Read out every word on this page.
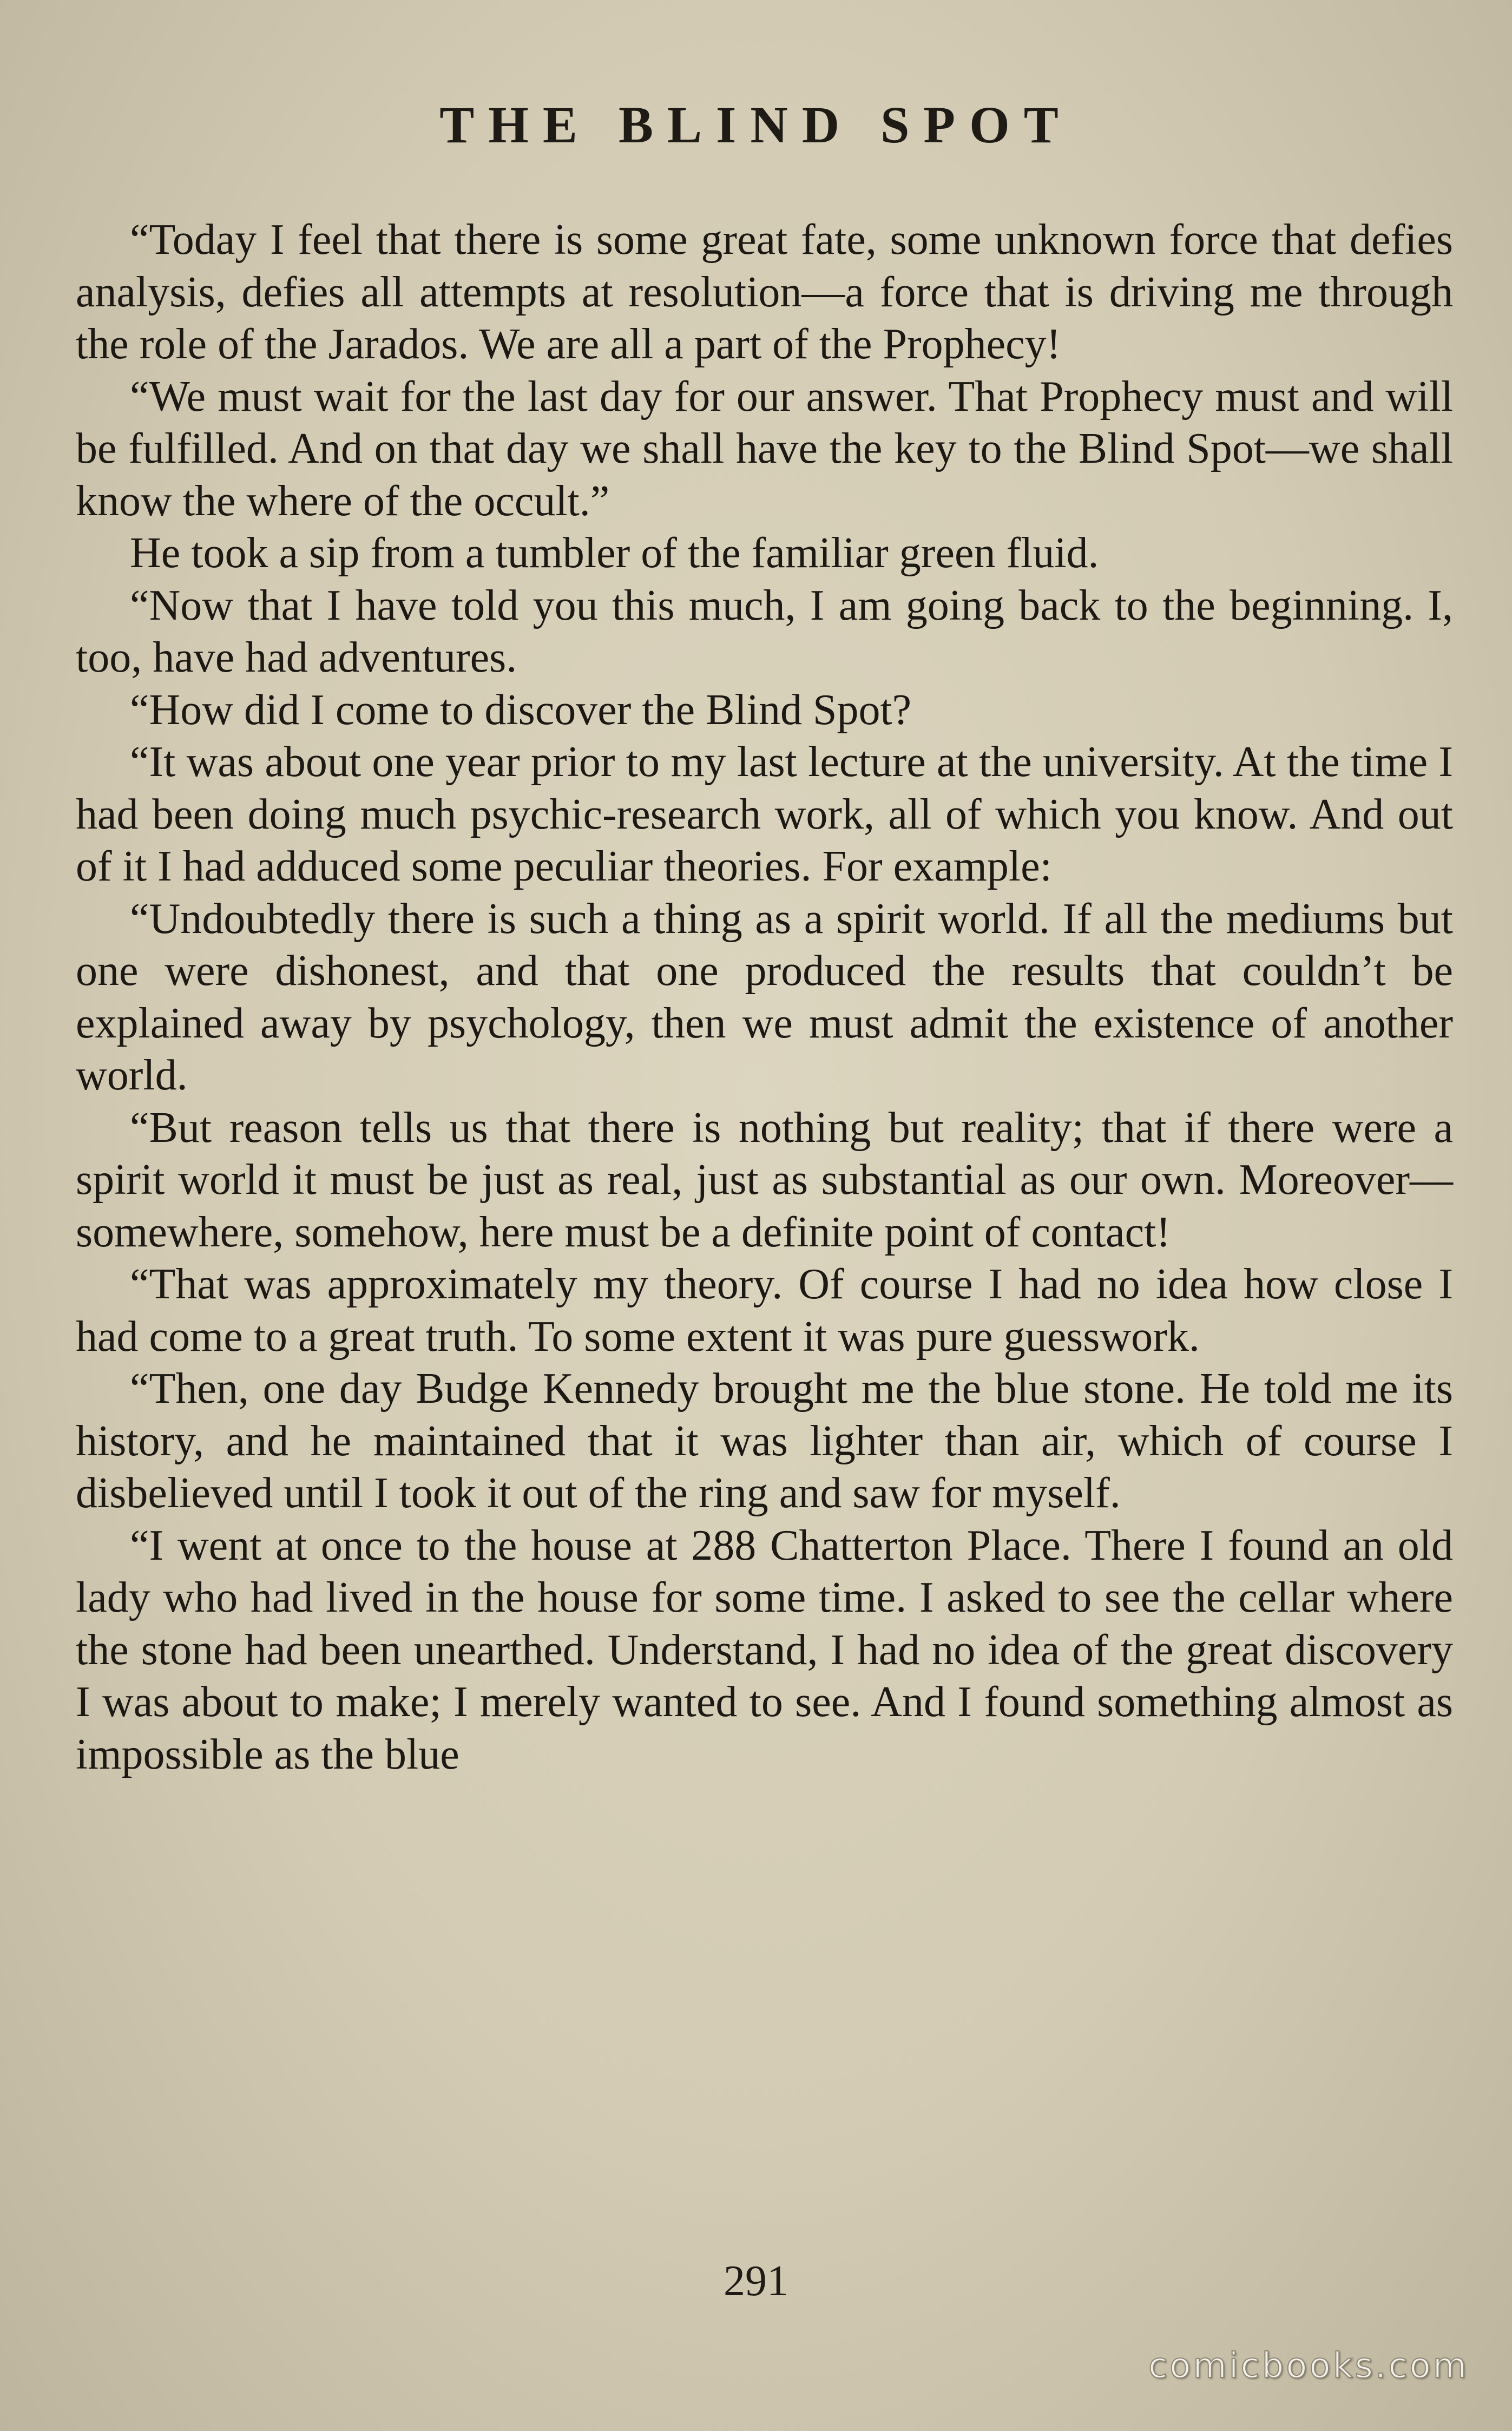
THE BLIND SPOT

“Today I feel that there is some great fate, some unknown force that defies analysis, defies all attempts at resolution—a force that is driving me through the role of the Jarados. We are all a part of the Prophecy!

“We must wait for the last day for our answer. That Prophecy must and will be fulfilled. And on that day we shall have the key to the Blind Spot—we shall know the where of the occult.”

He took a sip from a tumbler of the familiar green fluid.

“Now that I have told you this much, I am going back to the beginning. I, too, have had adventures.

“How did I come to discover the Blind Spot?

“It was about one year prior to my last lecture at the university. At the time I had been doing much psychic-research work, all of which you know. And out of it I had adduced some peculiar theories. For example:

“Undoubtedly there is such a thing as a spirit world. If all the mediums but one were dishonest, and that one produced the results that couldn’t be explained away by psychology, then we must admit the existence of another world.

“But reason tells us that there is nothing but reality; that if there were a spirit world it must be just as real, just as substantial as our own. Moreover—somewhere, somehow, here must be a definite point of contact!

“That was approximately my theory. Of course I had no idea how close I had come to a great truth. To some extent it was pure guesswork.

“Then, one day Budge Kennedy brought me the blue stone. He told me its history, and he maintained that it was lighter than air, which of course I disbelieved until I took it out of the ring and saw for myself.

“I went at once to the house at 288 Chatterton Place. There I found an old lady who had lived in the house for some time. I asked to see the cellar where the stone had been unearthed. Understand, I had no idea of the great discovery I was about to make; I merely wanted to see. And I found something almost as impossible as the blue

291
comicbooks.com
